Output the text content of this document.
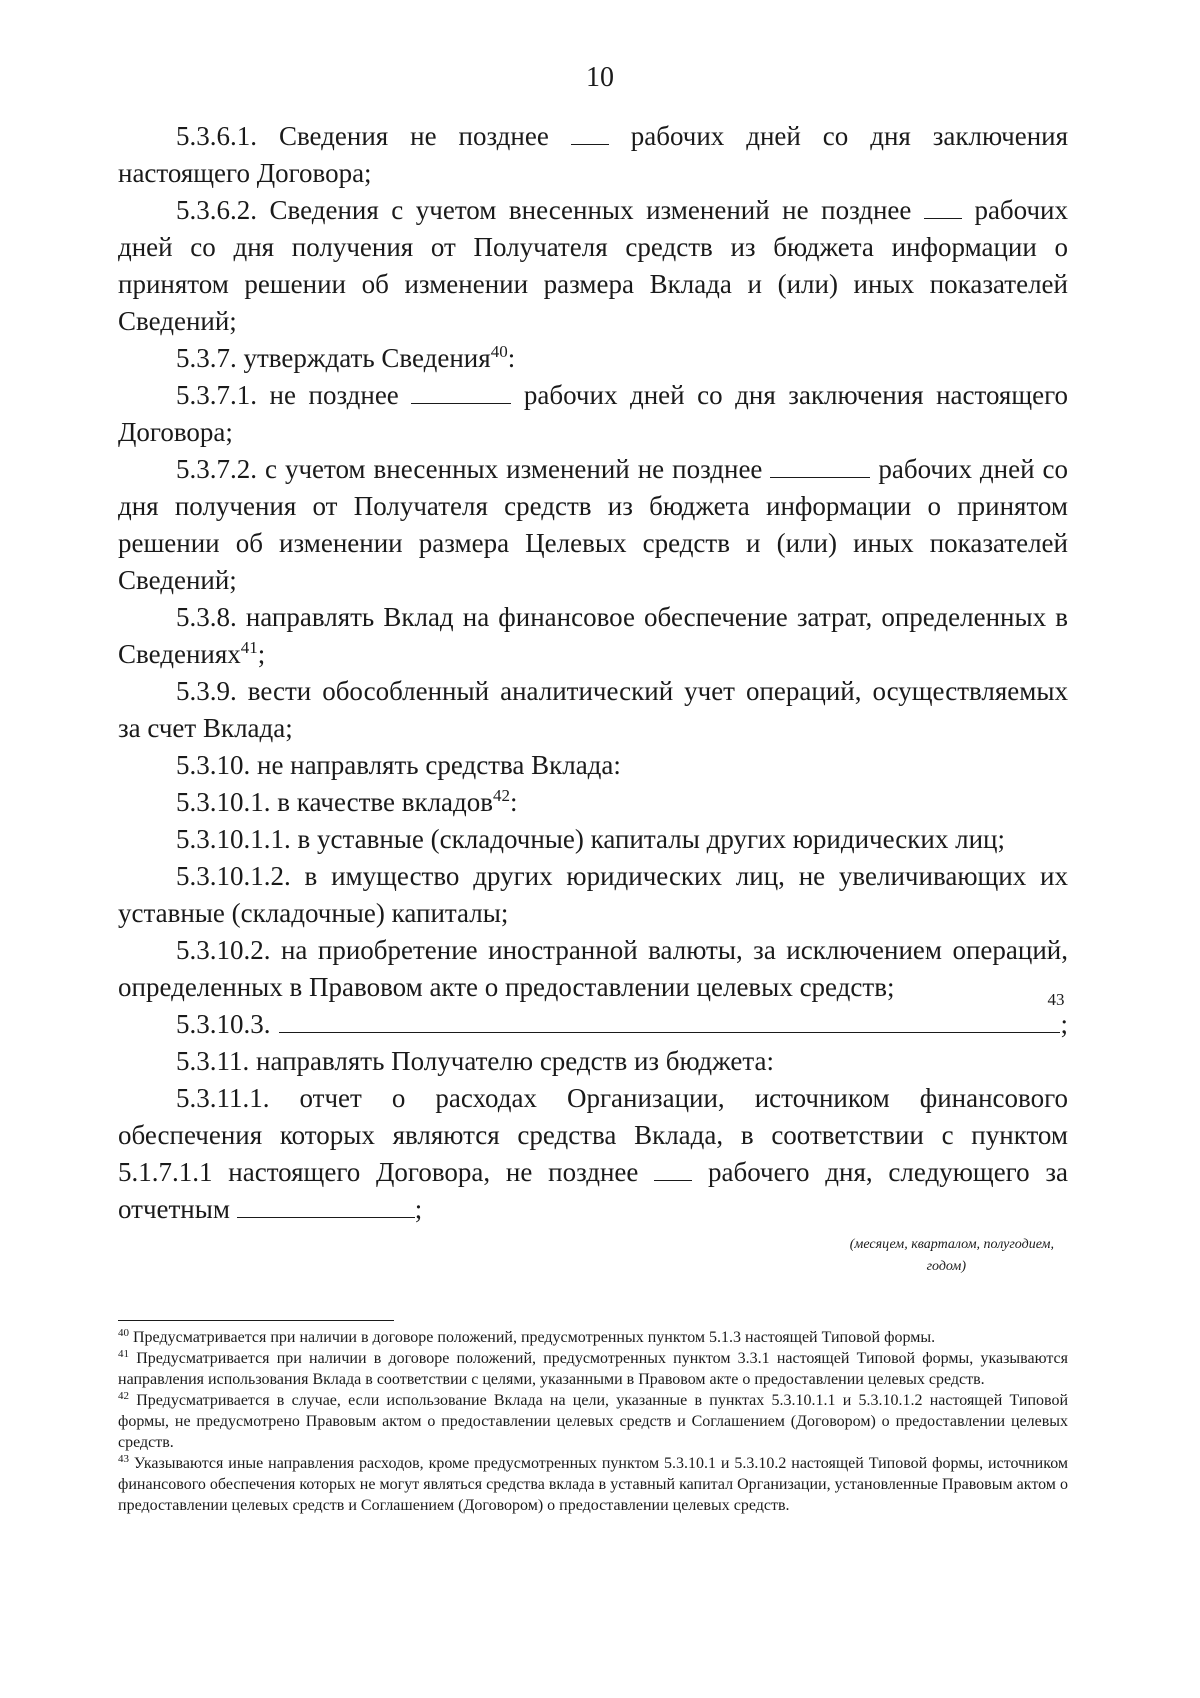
10

5.3.6.1. Сведения не позднее	рабочих дней со дня заключения настоящего Договора;

5.3.6.2. Сведения с учетом внесенных изменений не позднее рабочих дней со дня получения от Получателя средств из бюджета информации о принятом решении об изменении размера Вклада и (или) иных показателей Сведений;

5.3.7. утверждать Сведения$^{40}$:

5.3.7.1. не позднее	рабочих дней со дня заключения настоящего Договора;

5.3.7.2. с учетом внесенных изменений не позднее	рабочих дней со дня получения от Получателя средств из бюджета информации о принятом решении об изменении размера Целевых средств и (или) иных показателей Сведений;

5.3.8. направлять Вклад на финансовое обеспечение затрат, определенных в Сведениях$^{41}$;

5.3.9. вести обособленный аналитический учет операций, осуществляемых за счет Вклада;

5.3.10. не направлять средства Вклада:

5.3.10.1. в качестве вкладов$^{42}$:

5.3.10.1.1. в уставные (складочные) капиталы других юридических лиц;

5.3.10.1.2. в имущество других юридических лиц, не увеличивающих их уставные (складочные) капиталы;

5.3.10.2. на приобретение иностранной валюты, за исключением операций, определенных в Правовом акте о предоставлении целевых средств;

5.3.10.3.
43
;

5.3.11. направлять Получателю средств из бюджета:

5.3.11.1. отчет о расходах Организации, источником финансового обеспечения которых являются средства Вклада, в соответствии с пунктом 5.1.7.1.1 настоящего Договора, не позднее	рабочего дня, следующего за отчетным	;

(месяцем, кварталом, полугодием,
годом)

$^{40}$ Предусматривается при наличии в договоре положений, предусмотренных пунктом 5.1.3 настоящей Типовой формы.

$^{41}$ Предусматривается при наличии в договоре положений, предусмотренных пунктом 3.3.1 настоящей Типовой формы, указываются направления использования Вклада в соответствии с целями, указанными в Правовом акте о предоставлении целевых средств.

$^{42}$ Предусматривается в случае, если использование Вклада на цели, указанные в пунктах 5.3.10.1.1 и 5.3.10.1.2 настоящей Типовой формы, не предусмотрено Правовым актом о предоставлении целевых средств и Соглашением (Договором) о предоставлении целевых средств.

$^{43}$ Указываются иные направления расходов, кроме предусмотренных пунктом 5.3.10.1 и 5.3.10.2 настоящей Типовой формы, источником финансового обеспечения которых не могут являться средства вклада в уставный капитал Организации, установленные Правовым актом о предоставлении целевых средств и Соглашением (Договором) о предоставлении целевых средств.
